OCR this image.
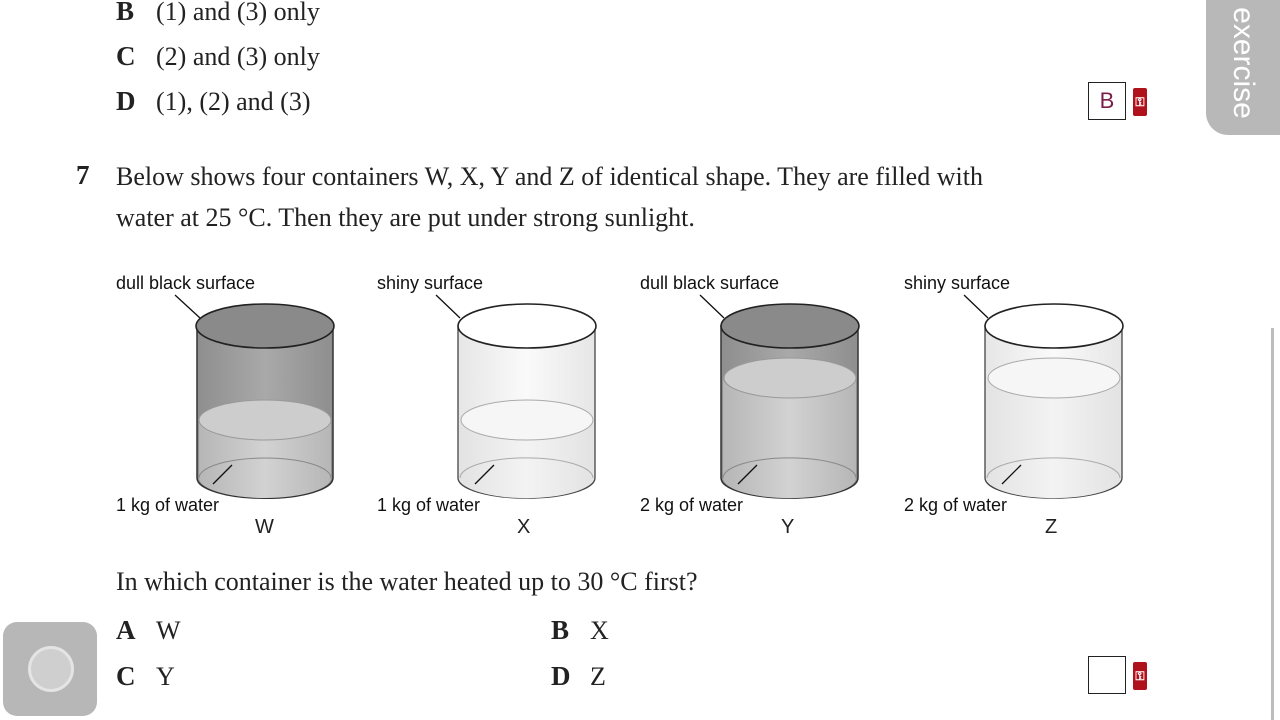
B (1) and (3) only
C (2) and (3) only
D (1), (2) and (3)	B	⚿	exercise
7 Below shows four containers W, X, Y and Z of identical shape. They are filled with
water at 25 °C. Then they are put under strong sunlight.
dull black surface	shiny surface	dull black surface	shiny surface
1 kg of water	1 kg of water	2 kg of water	2 kg of water
W	X	Y	Z
In which container is the water heated up to 30 °C first?
A W	B X
C Y	D Z	⚿
